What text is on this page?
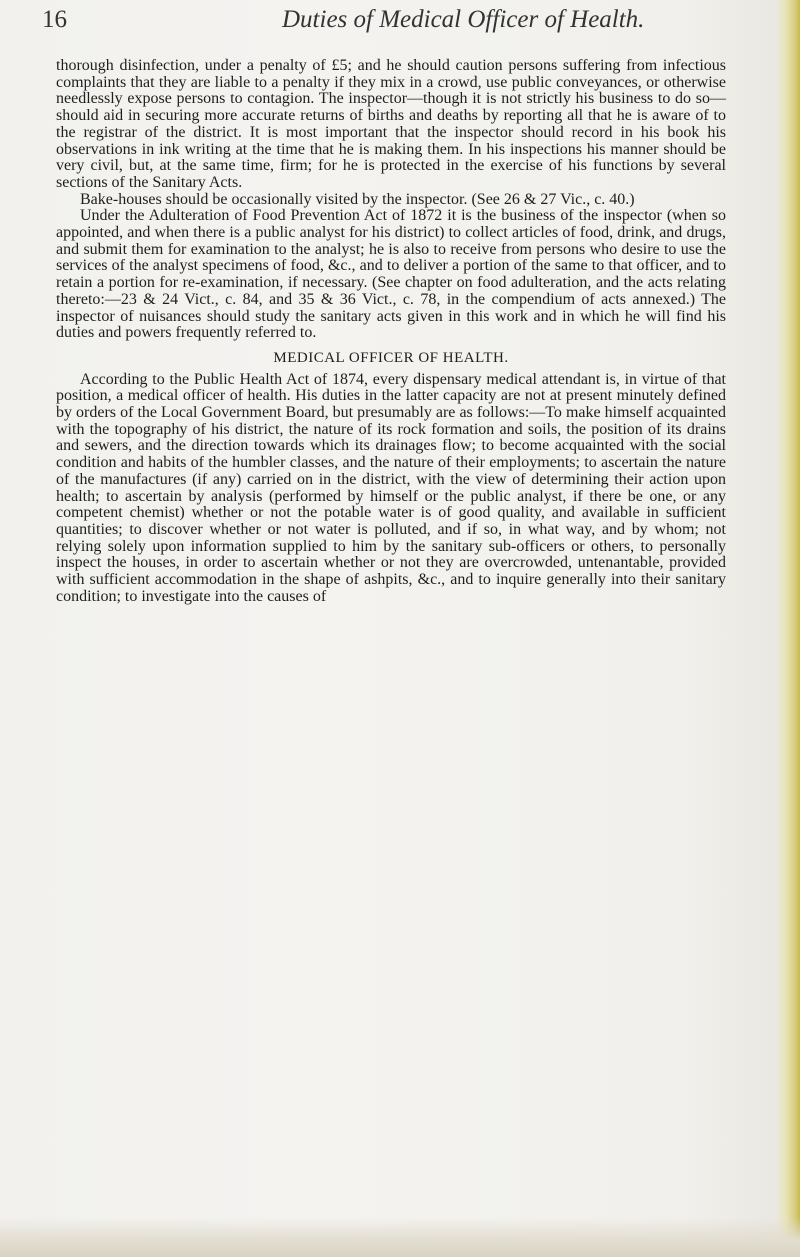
16	Duties of Medical Officer of Health.

thorough disinfection, under a penalty of £5; and he should caution persons suffering from infectious complaints that they are liable to a penalty if they mix in a crowd, use public conveyances, or otherwise needlessly expose persons to contagion. The inspector—though it is not strictly his business to do so—should aid in securing more accurate returns of births and deaths by reporting all that he is aware of to the registrar of the district. It is most important that the inspector should record in his book his observations in ink writing at the time that he is making them. In his inspections his manner should be very civil, but, at the same time, firm; for he is protected in the exercise of his functions by several sections of the Sanitary Acts.

Bake-houses should be occasionally visited by the inspector. (See 26 & 27 Vic., c. 40.)

Under the Adulteration of Food Prevention Act of 1872 it is the business of the inspector (when so appointed, and when there is a public analyst for his district) to collect articles of food, drink, and drugs, and submit them for examination to the analyst; he is also to receive from persons who desire to use the services of the analyst specimens of food, &c., and to deliver a portion of the same to that officer, and to retain a portion for re-examination, if necessary. (See chapter on food adulteration, and the acts relating thereto:—23 & 24 Vict., c. 84, and 35 & 36 Vict., c. 78, in the compendium of acts annexed.) The inspector of nuisances should study the sanitary acts given in this work and in which he will find his duties and powers frequently referred to.

MEDICAL OFFICER OF HEALTH.

According to the Public Health Act of 1874, every dispensary medical attendant is, in virtue of that position, a medical officer of health. His duties in the latter capacity are not at present minutely defined by orders of the Local Government Board, but presumably are as follows:—To make himself acquainted with the topography of his district, the nature of its rock formation and soils, the position of its drains and sewers, and the direction towards which its drainages flow; to become acquainted with the social condition and habits of the humbler classes, and the nature of their employments; to ascertain the nature of the manufactures (if any) carried on in the district, with the view of determining their action upon health; to ascertain by analysis (performed by himself or the public analyst, if there be one, or any competent chemist) whether or not the potable water is of good quality, and available in sufficient quantities; to discover whether or not water is polluted, and if so, in what way, and by whom; not relying solely upon information supplied to him by the sanitary sub-officers or others, to personally inspect the houses, in order to ascertain whether or not they are overcrowded, untenantable, provided with sufficient accommodation in the shape of ashpits, &c., and to inquire generally into their sanitary condition; to investigate into the causes of
